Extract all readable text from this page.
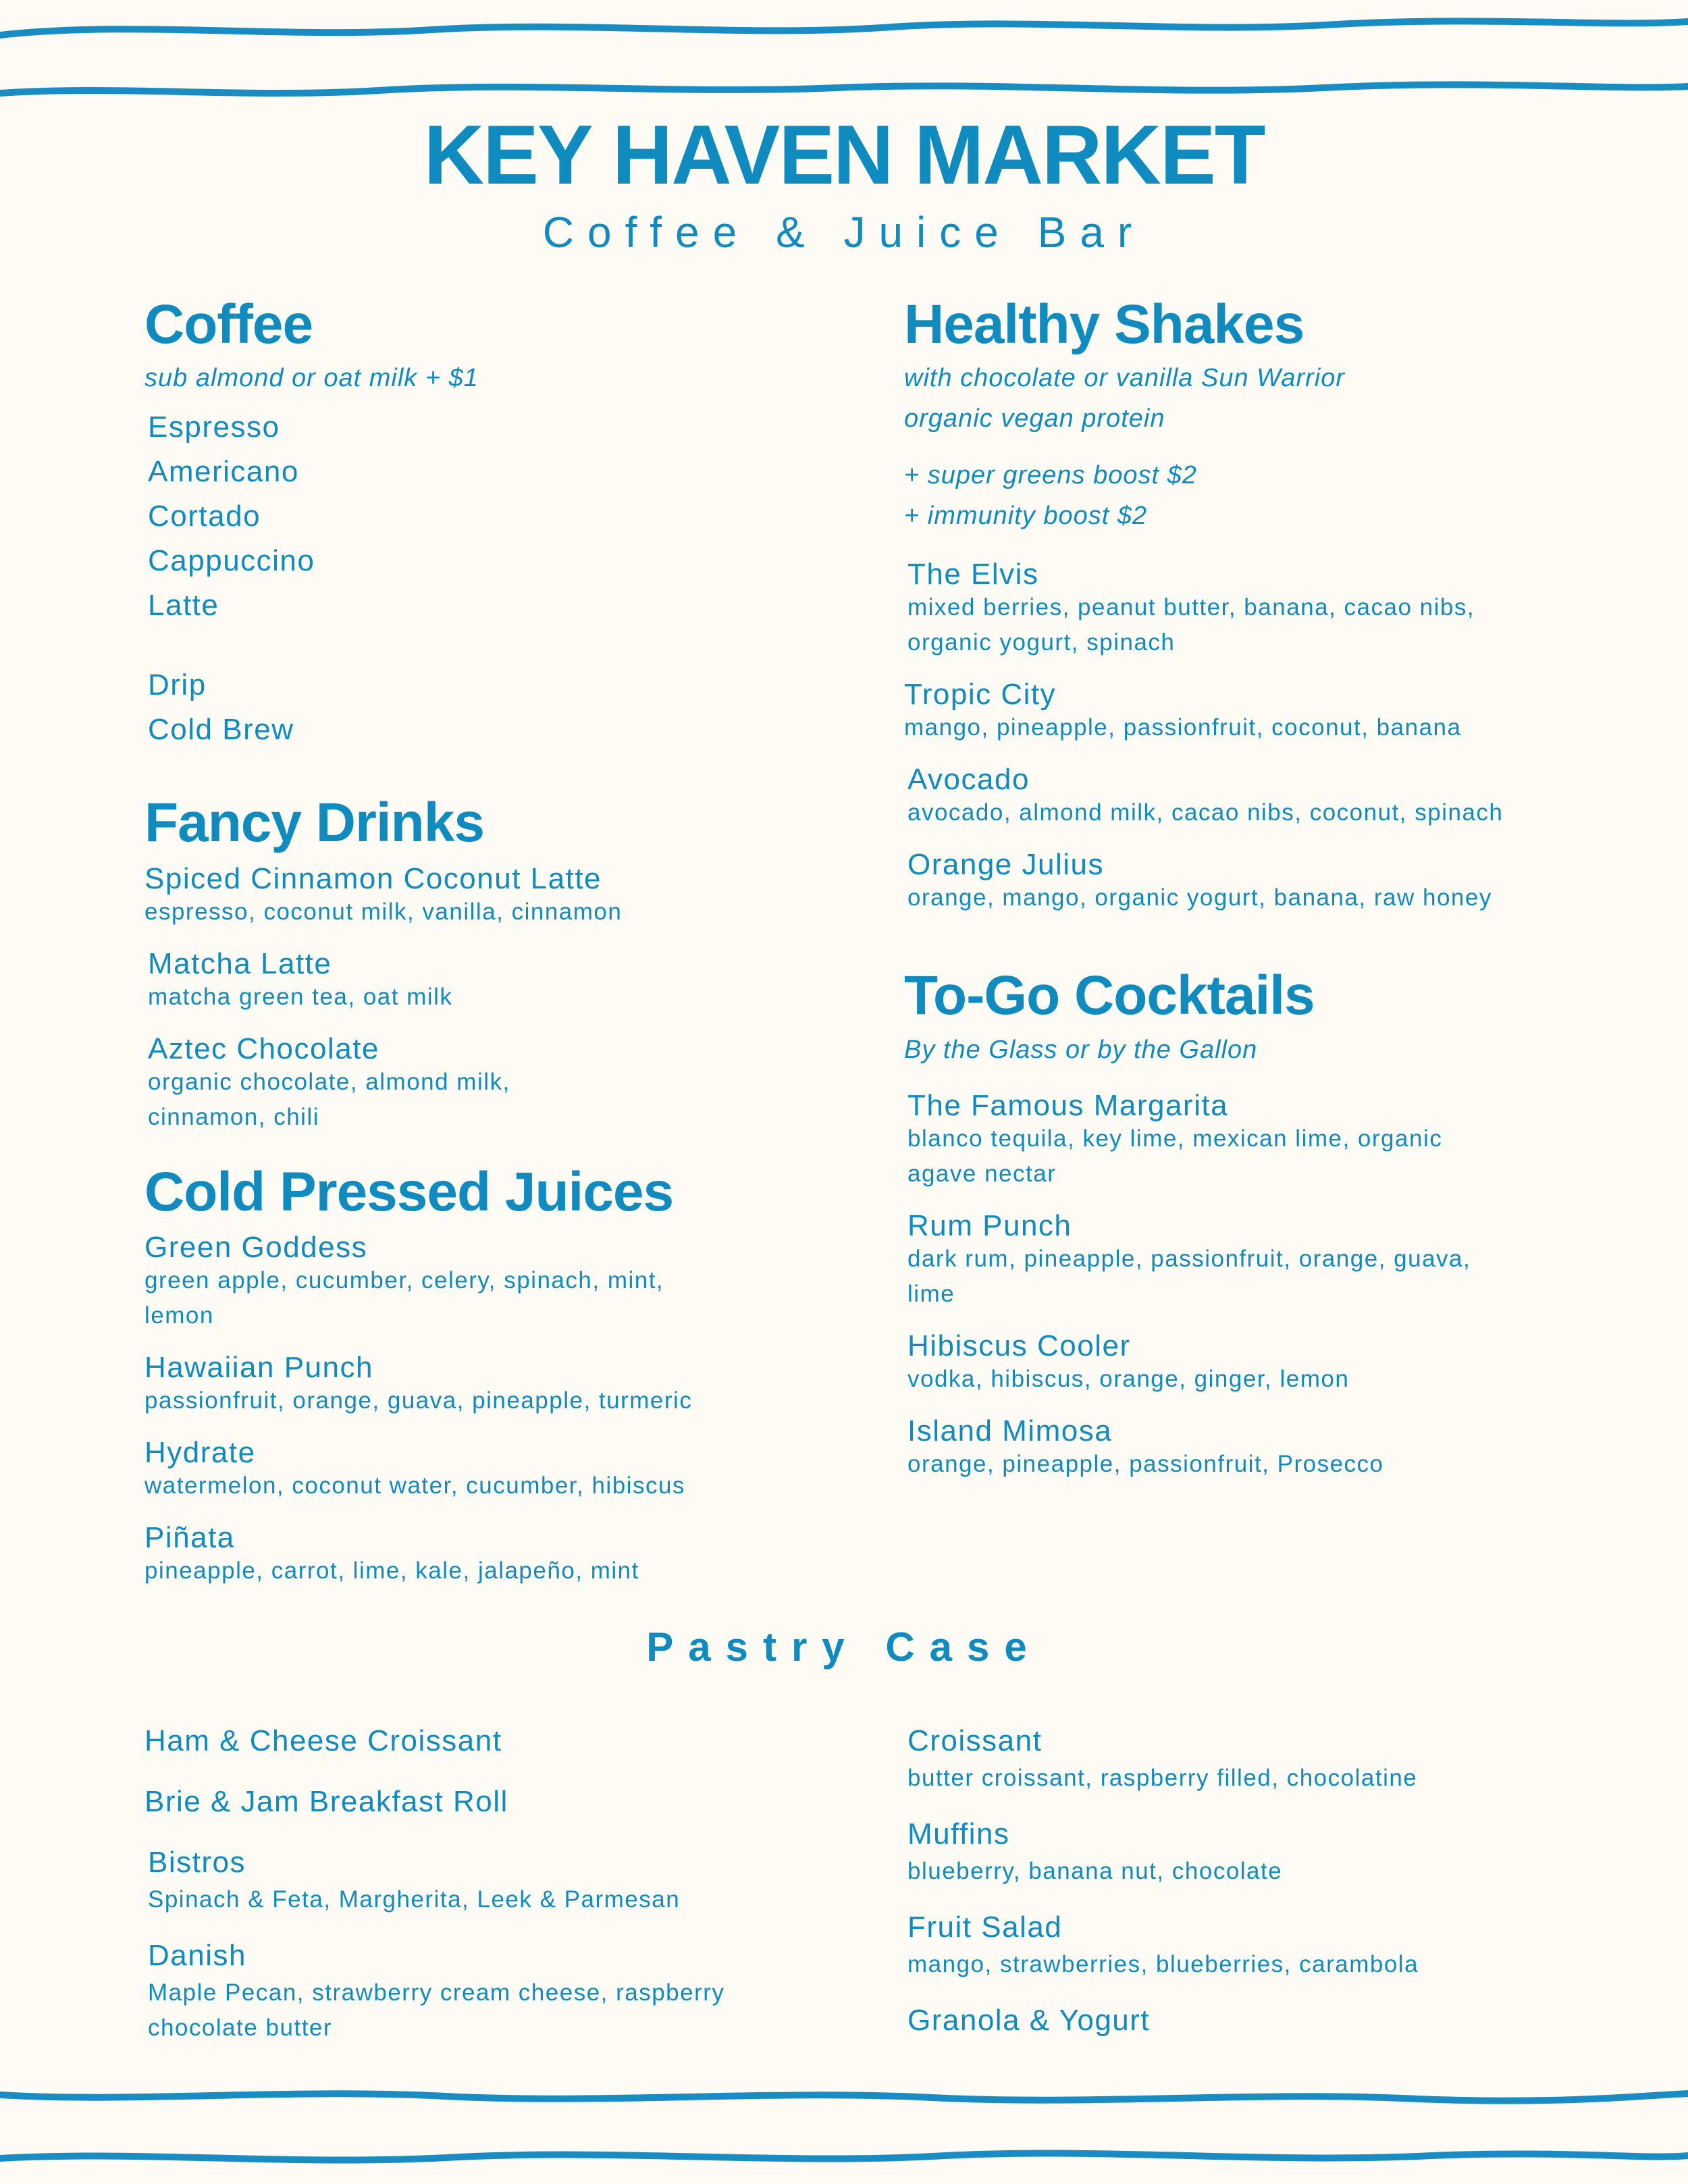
KEY HAVEN MARKET
Coffee & Juice Bar
Coffee
sub almond or oat milk + $1
Espresso
Americano
Cortado
Cappuccino
Latte
Drip
Cold Brew
Fancy Drinks
Spiced Cinnamon Coconut Latte
espresso, coconut milk, vanilla, cinnamon
Matcha Latte
matcha green tea, oat milk
Aztec Chocolate
organic chocolate, almond milk,
cinnamon, chili
Cold Pressed Juices
Green Goddess
green apple, cucumber, celery, spinach, mint,
lemon
Hawaiian Punch
passionfruit, orange, guava, pineapple, turmeric
Hydrate
watermelon, coconut water, cucumber, hibiscus
Piñata
pineapple, carrot, lime, kale, jalapeño, mint
Healthy Shakes
with chocolate or vanilla Sun Warrior
organic vegan protein
+ super greens boost $2
+ immunity boost $2
The Elvis
mixed berries, peanut butter, banana, cacao nibs,
organic yogurt, spinach
Tropic City
mango, pineapple, passionfruit, coconut, banana
Avocado
avocado, almond milk, cacao nibs, coconut, spinach
Orange Julius
orange, mango, organic yogurt, banana, raw honey
To-Go Cocktails
By the Glass or by the Gallon
The Famous Margarita
blanco tequila, key lime, mexican lime, organic
agave nectar
Rum Punch
dark rum, pineapple, passionfruit, orange, guava,
lime
Hibiscus Cooler
vodka, hibiscus, orange, ginger, lemon
Island Mimosa
orange, pineapple, passionfruit, Prosecco
Pastry Case
Ham & Cheese Croissant
Brie & Jam Breakfast Roll
Bistros
Spinach & Feta, Margherita, Leek & Parmesan
Danish
Maple Pecan, strawberry cream cheese, raspberry
chocolate butter
Croissant
butter croissant, raspberry filled, chocolatine
Muffins
blueberry, banana nut, chocolate
Fruit Salad
mango, strawberries, blueberries, carambola
Granola & Yogurt
